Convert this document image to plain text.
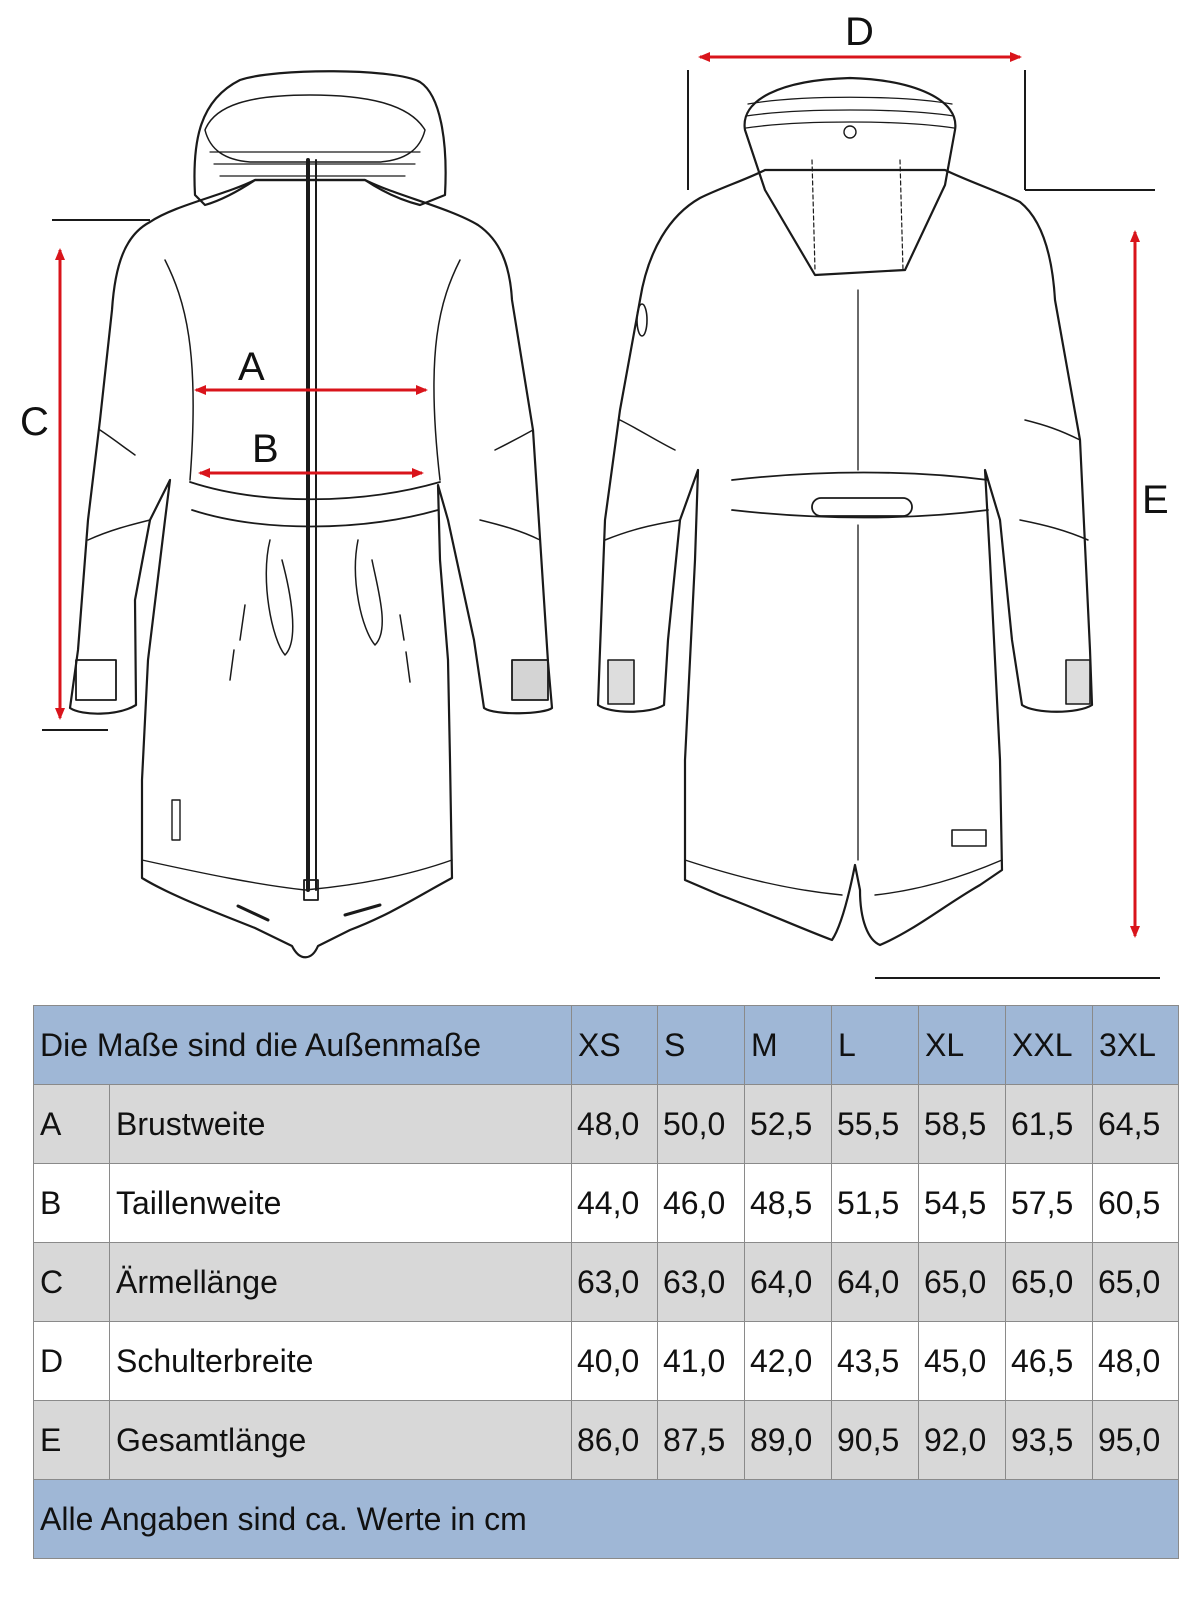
A
B
C
D
E
Die Maße sind die Außenmaße		XS	S	M	L	XL	XXL	3XL
A	Brustweite	48,0	50,0	52,5	55,5	58,5	61,5	64,5
B	Taillenweite	44,0	46,0	48,5	51,5	54,5	57,5	60,5
C	Ärmellänge	63,0	63,0	64,0	64,0	65,0	65,0	65,0
D	Schulterbreite	40,0	41,0	42,0	43,5	45,0	46,5	48,0
E	Gesamtlänge	86,0	87,5	89,0	90,5	92,0	93,5	95,0
Alle Angaben sind ca. Werte in cm								
